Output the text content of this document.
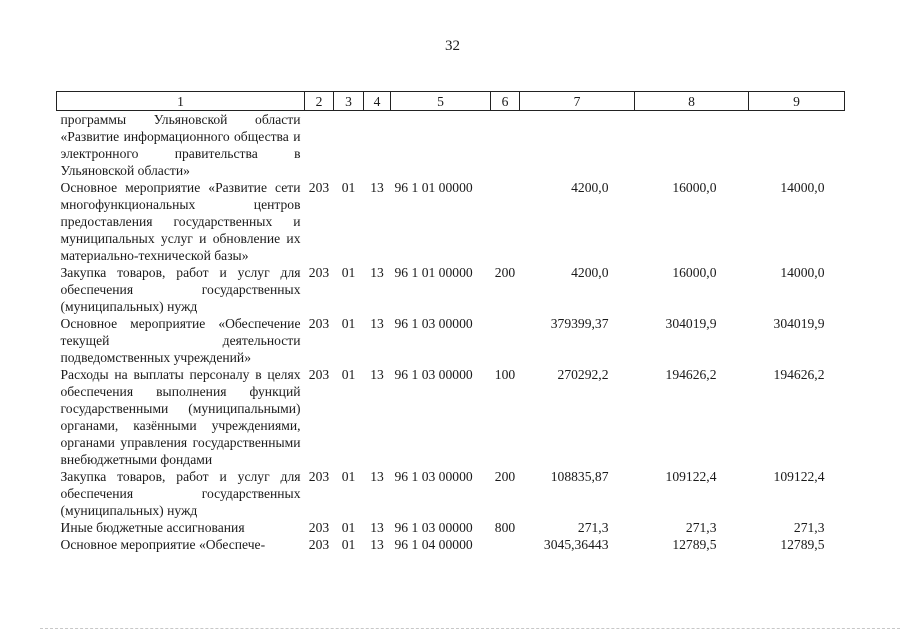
32
1	2	3	4	5	6	7	8	9
программы Ульяновской области «Развитие информационного общества и электронного правительства в Ульяновской области»								
Основное мероприятие «Развитие сети многофункциональных центров предоставления государственных и муниципальных услуг и обновление их материально-технической базы»	203	01	13	96 1 01 00000		4200,0	16000,0	14000,0
Закупка товаров, работ и услуг для обеспечения государственных (муниципальных) нужд	203	01	13	96 1 01 00000	200	4200,0	16000,0	14000,0
Основное мероприятие «Обеспечение текущей деятельности подведомственных учреждений»	203	01	13	96 1 03 00000		379399,37	304019,9	304019,9
Расходы на выплаты персоналу в целях обеспечения выполнения функций государственными (муниципальными) органами, казёнными учреждениями, органами управления государственными внебюджетными фондами	203	01	13	96 1 03 00000	100	270292,2	194626,2	194626,2
Закупка товаров, работ и услуг для обеспечения государственных (муниципальных) нужд	203	01	13	96 1 03 00000	200	108835,87	109122,4	109122,4
Иные бюджетные ассигнования	203	01	13	96 1 03 00000	800	271,3	271,3	271,3
Основное мероприятие «Обеспече-	203	01	13	96 1 04 00000		3045,36443	12789,5	12789,5
